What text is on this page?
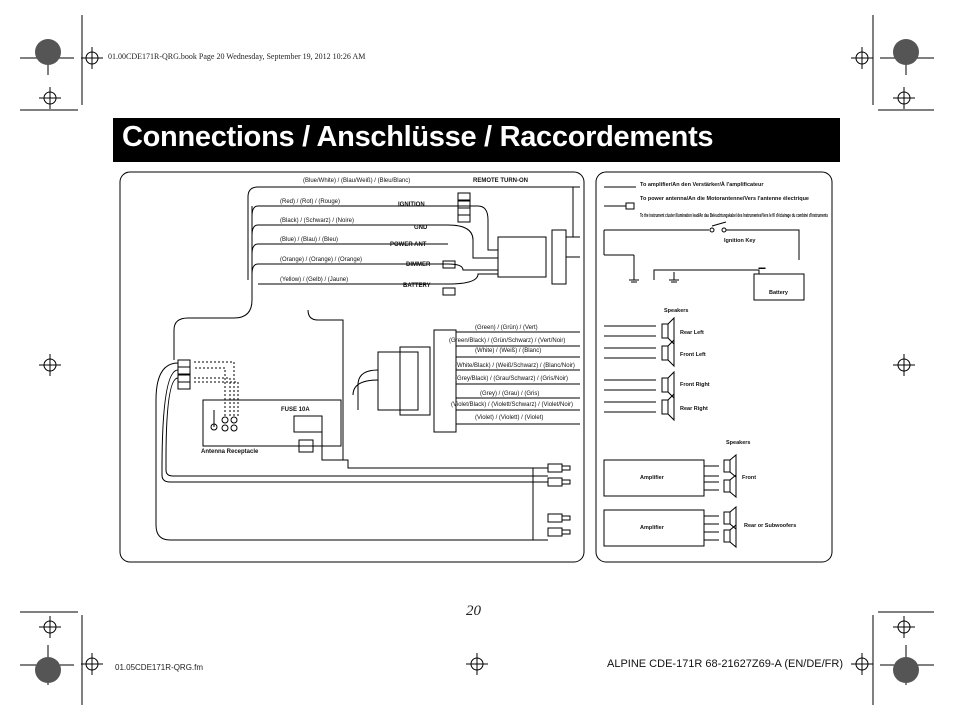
01.00CDE171R-QRG.book Page 20 Wednesday, September 19, 2012 10:26 AM
Connections / Anschlüsse / Raccordements
(Blue/White) / (Blau/Weiß) / (Bleu/Blanc)	REMOTE TURN-ON
(Red) / (Rot) / (Rouge)	IGNITION
(Black) / (Schwarz) / (Noire)
GND
(Blue) / (Blau) / (Bleu)
POWER ANT
(Orange) / (Orange) / (Orange)
DIMMER
(Yellow) / (Gelb) / (Jaune)
BATTERY
(Green) / (Grün) / (Vert)
(Green/Black) / (Grün/Schwarz) / (Vert/Noir)
(White) / (Weiß) / (Blanc)
(White/Black) / (Weiß/Schwarz) / (Blanc/Noir)
(Grey/Black) / (Grau/Schwarz) / (Gris/Noir)
(Grey) / (Grau) / (Gris)
(Violet/Black) / (Violett/Schwarz) / (Violet/Noir)
(Violet) / (Violett) / (Violet)
FUSE 10A
Antenna Receptacle
—
To amplifier/An den Verstärker/À l'amplificateur
To power antenna/An die Motorantenne/Vers l'antenne électrique
To the instrument cluster illumination lead/An das Beleuchtungskabel des Instrumentes/Vers le fil d'éclairage du combiné d'instruments
Ignition Key
Battery
Speakers
Rear Left
Front Left
Front Right
Rear Right
Speakers
Amplifier
Amplifier
Front
Rear or Subwoofers
20
01.05CDE171R-QRG.fm	ALPINE CDE-171R 68-21627Z69-A (EN/DE/FR)
